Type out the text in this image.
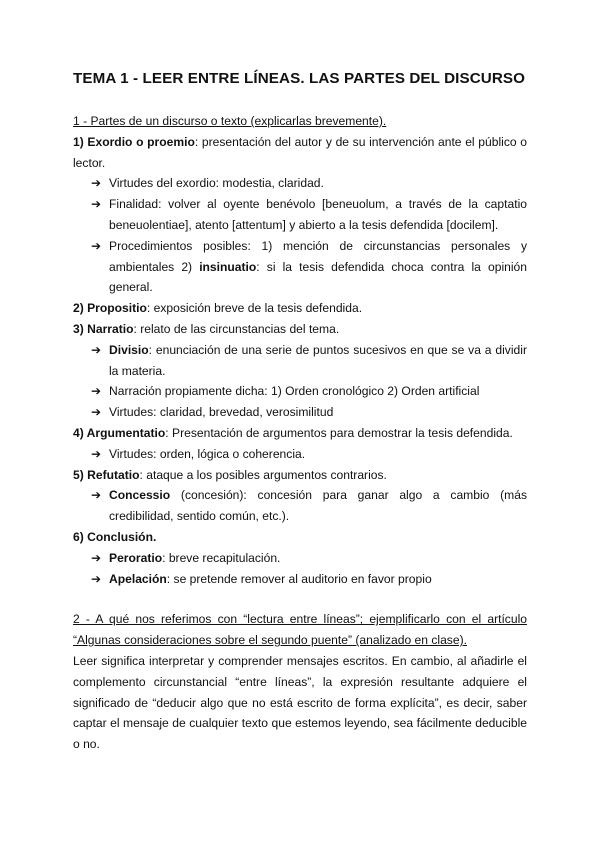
TEMA 1 - LEER ENTRE LÍNEAS. LAS PARTES DEL DISCURSO

1 - Partes de un discurso o texto (explicarlas brevemente).

1) Exordio o proemio: presentación del autor y de su intervención ante el público o lector.

➔ Virtudes del exordio: modestia, claridad.

➔ Finalidad: volver al oyente benévolo [beneuolum, a través de la captatio beneuolentiae], atento [attentum] y abierto a la tesis defendida [docilem].

➔ Procedimientos posibles: 1) mención de circunstancias personales y ambientales 2) insinuatio: si la tesis defendida choca contra la opinión general.

2) Propositio: exposición breve de la tesis defendida.

3) Narratio: relato de las circunstancias del tema.

➔ Divisio: enunciación de una serie de puntos sucesivos en que se va a dividir la materia.

➔ Narración propiamente dicha: 1) Orden cronológico 2) Orden artificial

➔ Virtudes: claridad, brevedad, verosimilitud

4) Argumentatio: Presentación de argumentos para demostrar la tesis defendida.

➔ Virtudes: orden, lógica o coherencia.

5) Refutatio: ataque a los posibles argumentos contrarios.

➔ Concessio (concesión): concesión para ganar algo a cambio (más credibilidad, sentido común, etc.).

6) Conclusión.

➔ Peroratio: breve recapitulación.

➔ Apelación: se pretende remover al auditorio en favor propio

2 - A qué nos referimos con “lectura entre líneas”; ejemplificarlo con el artículo “Algunas consideraciones sobre el segundo puente” (analizado en clase).

Leer significa interpretar y comprender mensajes escritos. En cambio, al añadirle el complemento circunstancial “entre líneas”, la expresión resultante adquiere el significado de “deducir algo que no está escrito de forma explícita”, es decir, saber captar el mensaje de cualquier texto que estemos leyendo, sea fácilmente deducible o no.
